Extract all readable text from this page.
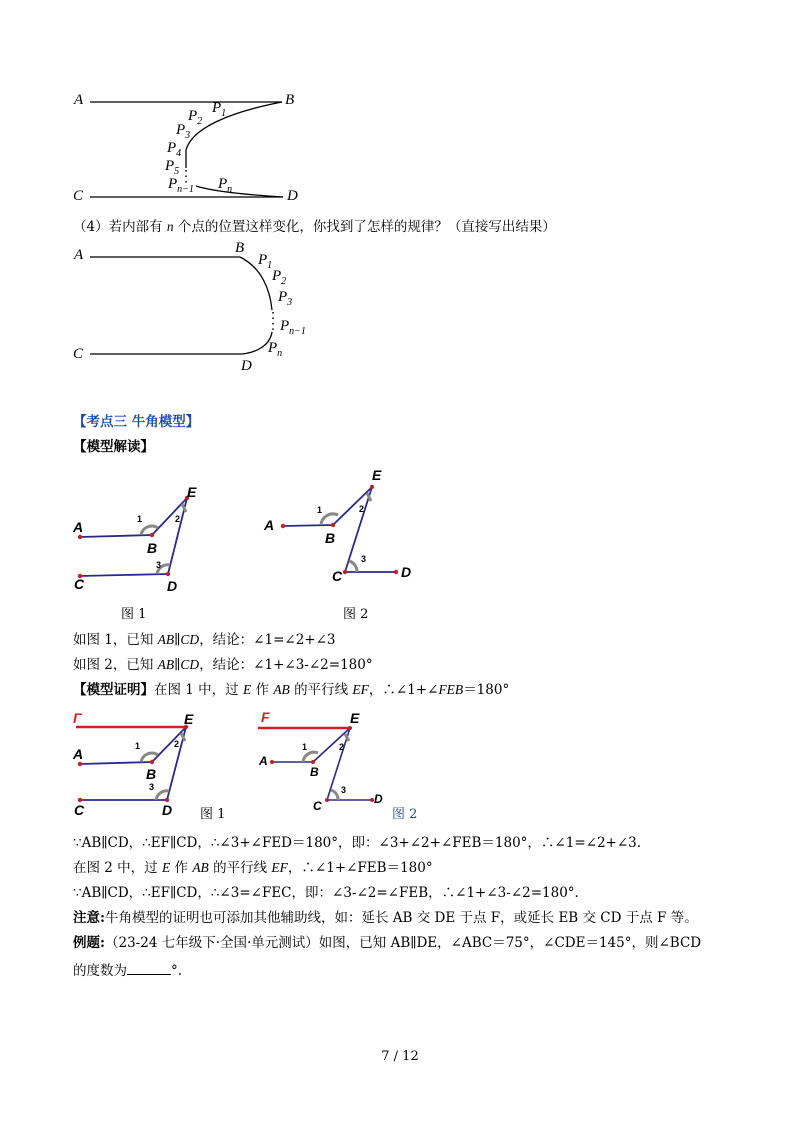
A	B
C	D
$P_1$
$P_2$
$P_3$
$P_4$
$P_5$
$P_{n-1}$ $P_n$
（4）若内部有 n 个点的位置这样变化，你找到了怎样的规律？（直接写出结果）
A	B
C
D
$P_1$
$P_2$
$P_3$
$P_{n-1}$
$P_n$
【考点三 牛角模型】
【模型解读】
A
B
C	D
E
1	2
3
图 1
A
B
C	D
E
1	2
3
图 2
如图 1，已知 AB∥CD，结论：∠1=∠2+∠3
如图 2，已知 AB∥CD，结论：∠1+∠3-∠2=180°
【模型证明】在图 1 中，过 E 作 AB 的平行线 EF，∴∠1+∠FEB＝180°
Γ
A
B
C	D
E
1	2
3
图 1
F
A
B
C	D
E
1	2
3
图 2
∵AB∥CD，∴EF∥CD，∴∠3+∠FED＝180°，即：∠3+∠2+∠FEB＝180°，∴∠1=∠2+∠3.
在图 2 中，过 E 作 AB 的平行线 EF，∴∠1+∠FEB＝180°
∵AB∥CD，∴EF∥CD，∴∠3=∠FEC，即：∠3-∠2=∠FEB，∴∠1+∠3-∠2=180°.
注意:牛角模型的证明也可添加其他辅助线，如：延长 AB 交 DE 于点 F，或延长 EB 交 CD 于点 F 等。
例题:（23-24 七年级下·全国·单元测试）如图，已知 AB∥DE，∠ABC＝75°，∠CDE＝145°，则∠BCD
的度数为	°.
7 / 12
